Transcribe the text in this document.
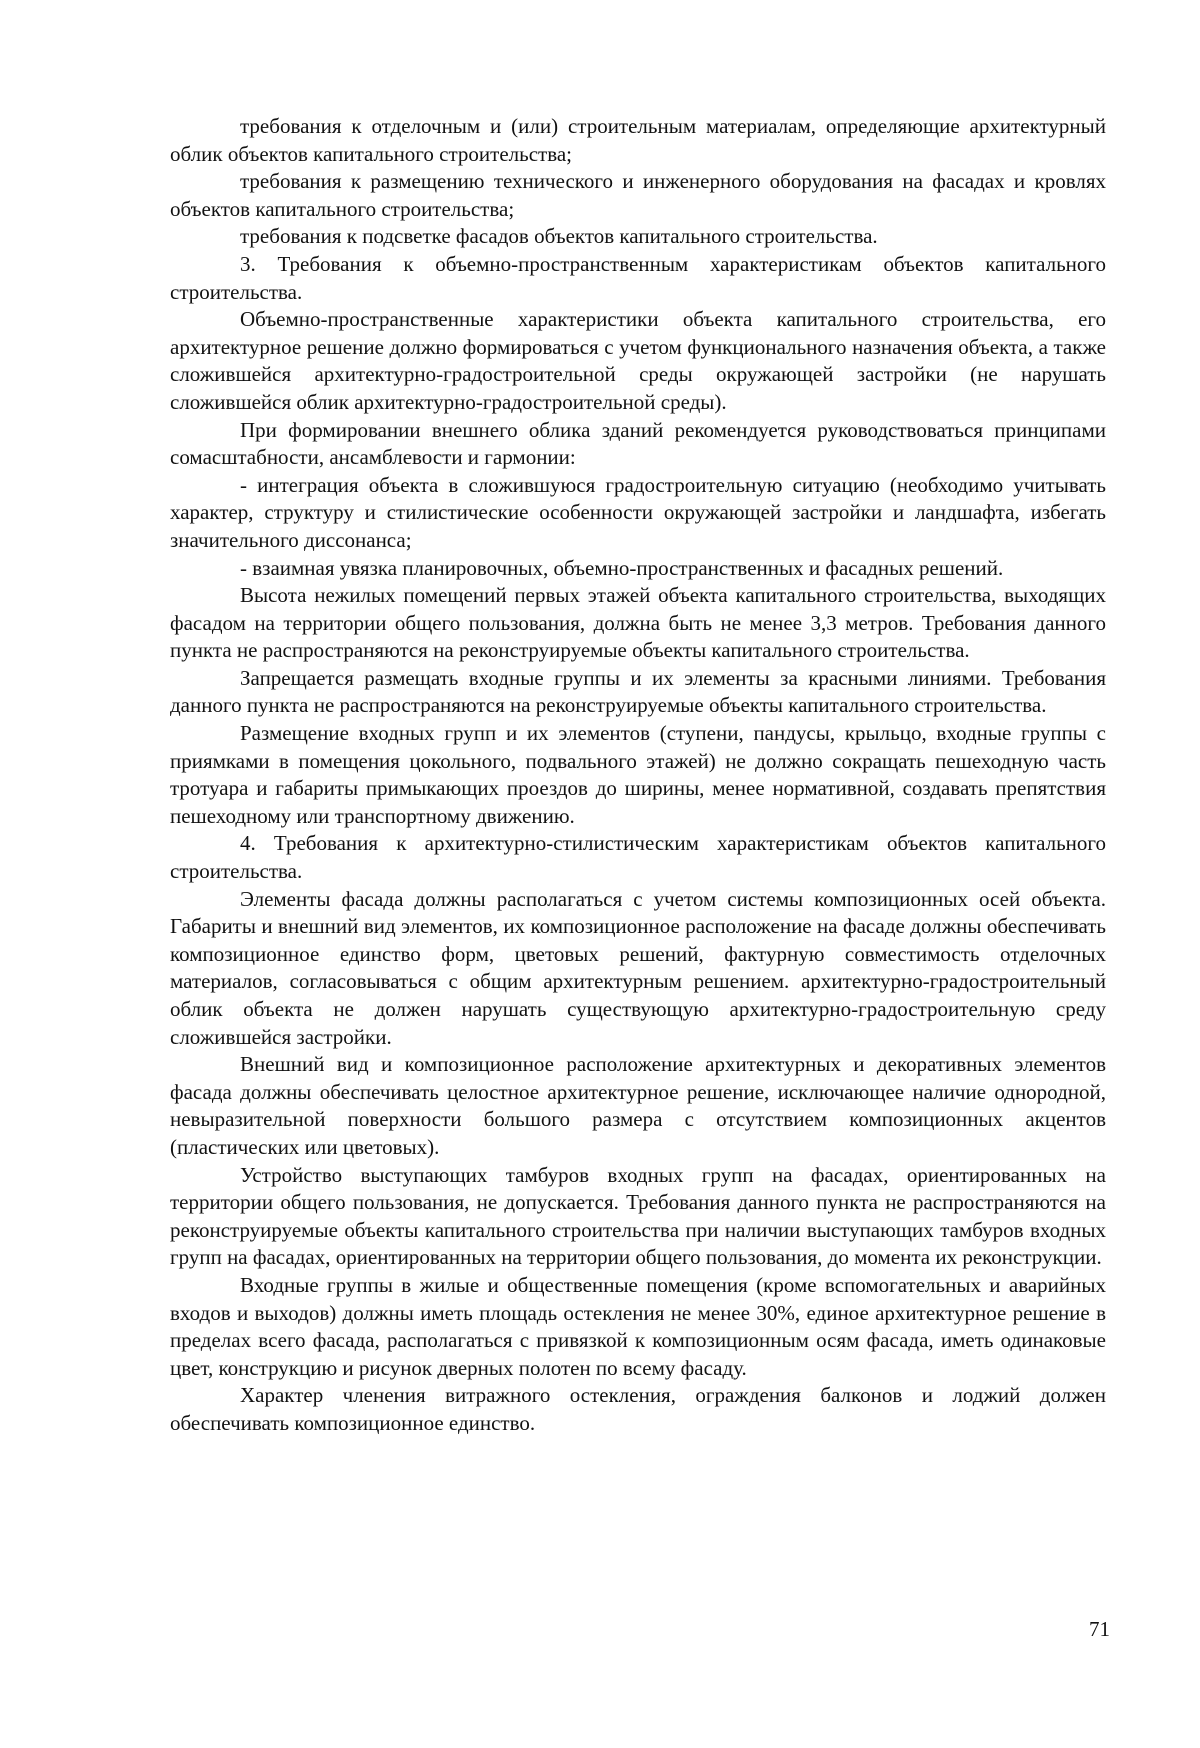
требования к отделочным и (или) строительным материалам, определяющие архитектурный облик объектов капитального строительства;

требования к размещению технического и инженерного оборудования на фасадах и кровлях объектов капитального строительства;

требования к подсветке фасадов объектов капитального строительства.

3. Требования к объемно-пространственным характеристикам объектов капитального строительства.

Объемно-пространственные характеристики объекта капитального строительства, его архитектурное решение должно формироваться с учетом функционального назначения объекта, а также сложившейся архитектурно-градостроительной среды окружающей застройки (не нарушать сложившейся облик архитектурно-градостроительной среды).

При формировании внешнего облика зданий рекомендуется руководствоваться принципами сомасштабности, ансамблевости и гармонии:

- интеграция объекта в сложившуюся градостроительную ситуацию (необходимо учитывать характер, структуру и стилистические особенности окружающей застройки и ландшафта, избегать значительного диссонанса;

- взаимная увязка планировочных, объемно-пространственных и фасадных решений.

Высота нежилых помещений первых этажей объекта капитального строительства, выходящих фасадом на территории общего пользования, должна быть не менее 3,3 метров. Требования данного пункта не распространяются на реконструируемые объекты капитального строительства.

Запрещается размещать входные группы и их элементы за красными линиями. Требования данного пункта не распространяются на реконструируемые объекты капитального строительства.

Размещение входных групп и их элементов (ступени, пандусы, крыльцо, входные группы с приямками в помещения цокольного, подвального этажей) не должно сокращать пешеходную часть тротуара и габариты примыкающих проездов до ширины, менее нормативной, создавать препятствия пешеходному или транспортному движению.

4. Требования к архитектурно-стилистическим характеристикам объектов капитального строительства.

Элементы фасада должны располагаться с учетом системы композиционных осей объекта. Габариты и внешний вид элементов, их композиционное расположение на фасаде должны обеспечивать композиционное единство форм, цветовых решений, фактурную совместимость отделочных материалов, согласовываться с общим архитектурным решением. архитектурно-градостроительный облик объекта не должен нарушать существующую архитектурно-градостроительную среду сложившейся застройки.

Внешний вид и композиционное расположение архитектурных и декоративных элементов фасада должны обеспечивать целостное архитектурное решение, исключающее наличие однородной, невыразительной поверхности большого размера с отсутствием композиционных акцентов (пластических или цветовых).

Устройство выступающих тамбуров входных групп на фасадах, ориентированных на территории общего пользования, не допускается. Требования данного пункта не распространяются на реконструируемые объекты капитального строительства при наличии выступающих тамбуров входных групп на фасадах, ориентированных на территории общего пользования, до момента их реконструкции.

Входные группы в жилые и общественные помещения (кроме вспомогательных и аварийных входов и выходов) должны иметь площадь остекления не менее 30%, единое архитектурное решение в пределах всего фасада, располагаться с привязкой к композиционным осям фасада, иметь одинаковые цвет, конструкцию и рисунок дверных полотен по всему фасаду.

Характер членения витражного остекления, ограждения балконов и лоджий должен обеспечивать композиционное единство.

71
